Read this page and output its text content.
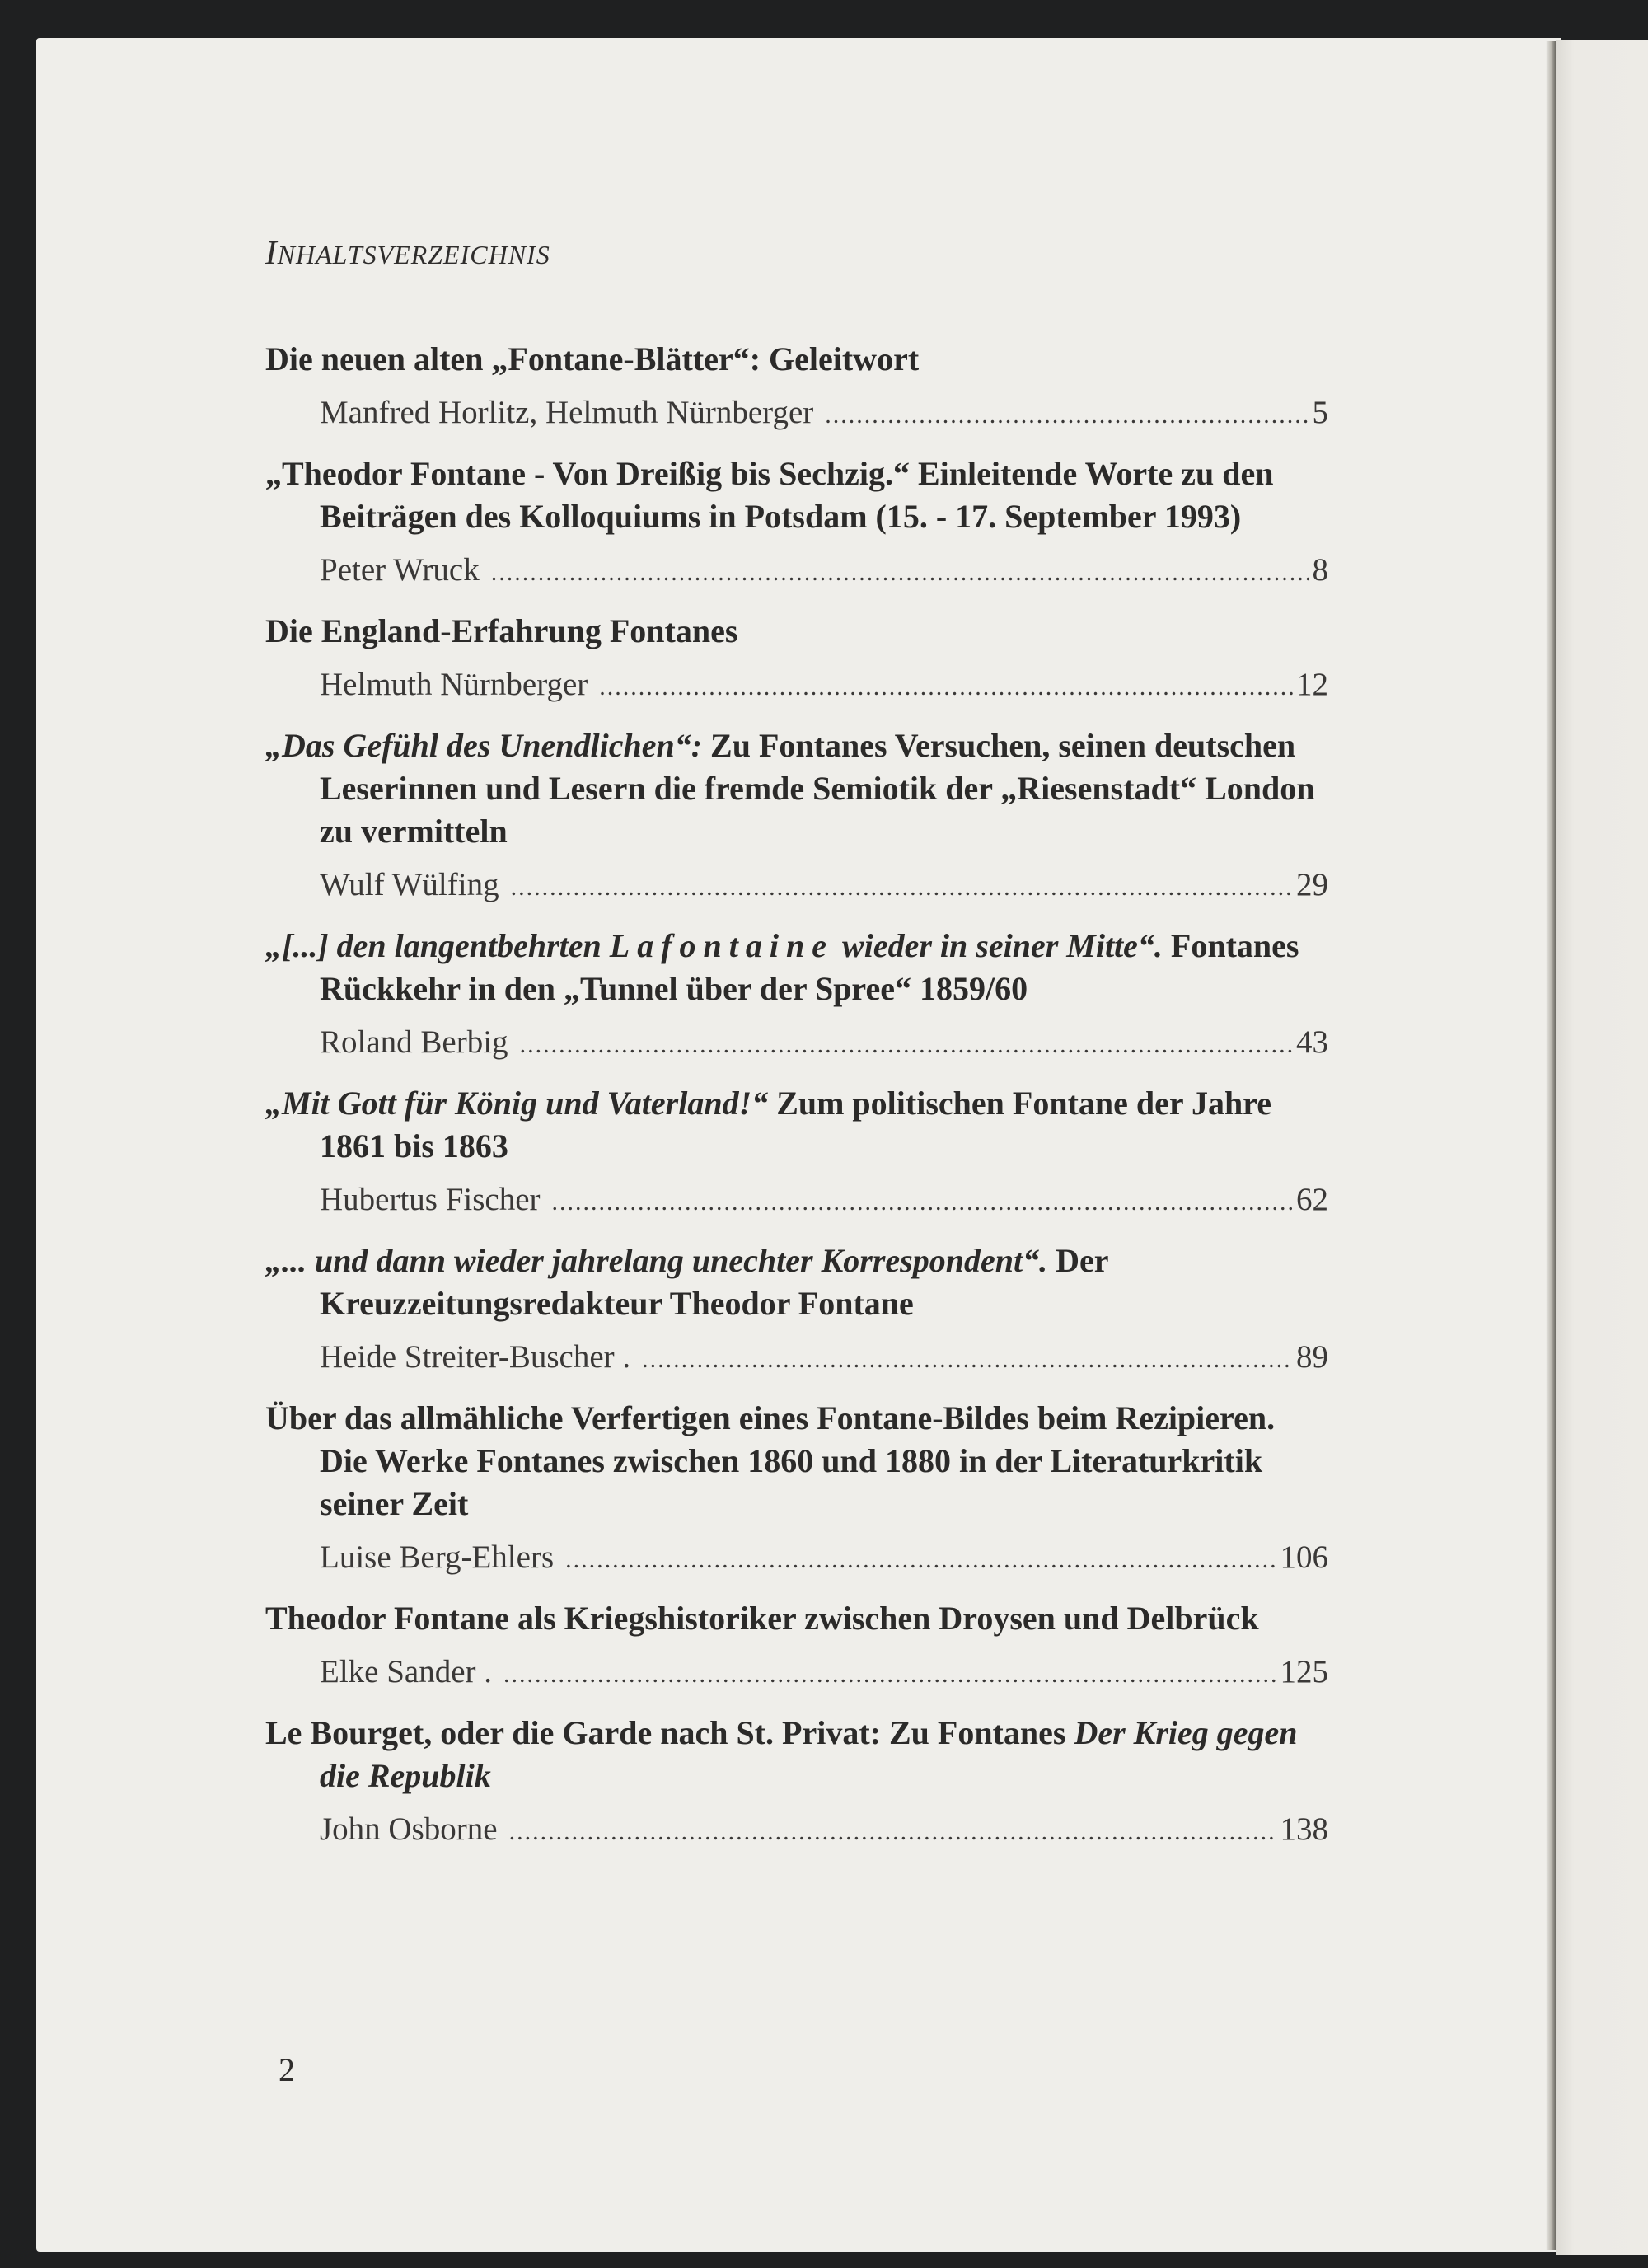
INHALTSVERZEICHNIS
Die neuen alten „Fontane-Blätter“: Geleitwort
Manfred Horlitz, Helmuth Nürnberger .....	5
„Theodor Fontane - Von Dreißig bis Sechzig.“ Einleitende Worte zu den Beiträgen des Kolloquiums in Potsdam (15. - 17. September 1993)
Peter Wruck .....	8
Die England-Erfahrung Fontanes
Helmuth Nürnberger .....	12
„Das Gefühl des Unendlichen“: Zu Fontanes Versuchen, seinen deutschen Leserinnen und Lesern die fremde Semiotik der „Riesenstadt“ London zu vermitteln
Wulf Wülfing .....	29
„[...] den langentbehrten Lafontaine wieder in seiner Mitte“. Fontanes Rückkehr in den „Tunnel über der Spree“ 1859/60
Roland Berbig .....	43
„Mit Gott für König und Vaterland!“ Zum politischen Fontane der Jahre 1861 bis 1863
Hubertus Fischer .....	62
„... und dann wieder jahrelang unechter Korrespondent“. Der Kreuzzeitungsredakteur Theodor Fontane
Heide Streiter-Buscher . .....	89
Über das allmähliche Verfertigen eines Fontane-Bildes beim Rezipieren. Die Werke Fontanes zwischen 1860 und 1880 in der Literaturkritik seiner Zeit
Luise Berg-Ehlers .....	106
Theodor Fontane als Kriegshistoriker zwischen Droysen und Delbrück
Elke Sander . .....	125
Le Bourget, oder die Garde nach St. Privat: Zu Fontanes Der Krieg gegen die Republik
John Osborne .....	138

2
